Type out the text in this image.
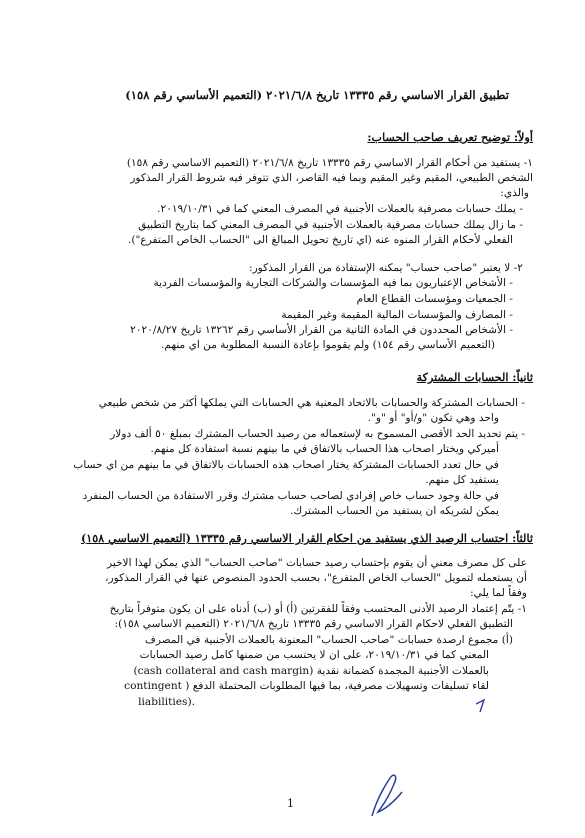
تطبيق القرار الاساسي رقم ١٣٣٣٥ تاريخ ٢٠٢١/٦/٨ (التعميم الأساسي رقم ١٥٨)
أولاً: توضيح تعريف صاحب الحساب:
١- يستفيد من أحكام القرار الاساسي رقم ١٣٣٣٥ تاريخ ٢٠٢١/٦/٨ (التعميم الاساسي رقم ١٥٨)
الشخص الطبيعي، المقيم وغير المقيم وبما فيه القاصر، الذي تتوفر فيه شروط القرار المذكور
والذي:
- يملك حسابات مصرفية بالعملات الأجنبية في المصرف المعني كما في ٢٠١٩/١٠/٣١.
- ما زال يملك حسابات مصرفية بالعملات الأجنبية في المصرف المعني كما بتاريخ التطبيق
الفعلي لأحكام القرار المنوه عنه (اي تاريخ تحويل المبالغ الى "الحساب الخاص المتفرع").
٢- لا يعتبر "صاحب حساب" يمكنه الإستفادة من القرار المذكور:
- الأشخاص الإعتباريون بما فيه المؤسسات والشركات التجارية والمؤسسات الفردية
- الجمعيات ومؤسسات القطاع العام
- المصارف والمؤسسات المالية المقيمة وغير المقيمة
- الأشخاص المحددون في المادة الثانية من القرار الأساسي رقم ١٣٢٦٢ تاريخ ٢٠٢٠/٨/٢٧
(التعميم الأساسي رقم ١٥٤) ولم يقوموا بإعادة النسبة المطلوبة من اي منهم.
ثانياً: الحسابات المشتركة
- الحسابات المشتركة والحسابات بالاتحاد المعنية هي الحسابات التي يملكها أكثر من شخص طبيعي
واحد وهي تكون "و/أو" أو "و".
- يتم تحديد الحد الأقصى المسموح به لإستعماله من رصيد الحساب المشترك بمبلغ ٥٠ ألف دولار
أميركي ويختار اصحاب هذا الحساب بالاتفاق في ما بينهم نسبة استفادة كل منهم.
في حال تعدد الحسابات المشتركة يختار اصحاب هذه الحسابات بالاتفاق في ما بينهم من اي حساب
يستفيد كل منهم.
في حالة وجود حساب خاص إفرادي لصاحب حساب مشترك وقرر الاستفادة من الحساب المنفرد
يمكن لشريكه ان يستفيد من الحساب المشترك.
ثالثاً: احتساب الرصيد الذي يستفيد من احكام القرار الاساسي رقم ١٣٣٣٥ (التعميم الاساسي ١٥٨)
على كل مصرف معني أن يقوم بإحتساب رصيد حسابات "صاحب الحساب" الذي يمكن لهذا الاخير
أن يستعمله لتمويل "الحساب الخاص المتفرع"، بحسب الحدود المنصوص عنها في القرار المذكور،
وفقاً لما يلي:
١- يتّم إعتماد الرصيد الأدنى المحتسب وفقاً للفقرتين (أ) أو (ب) أدناه على ان يكون متوفراً بتاريخ
التطبيق الفعلي لاحكام القرار الاساسي رقم ١٣٣٣٥ تاريخ ٢٠٢١/٦/٨ (التعميم الاساسي ١٥٨):
(أ) مجموع ارصدة حسابات "صاحب الحساب" المعنونة بالعملات الأجنبية في المصرف
المعني كما في ٢٠١٩/١٠/٣١، على ان لا يحتسب من ضمنها كامل رصيد الحسابات
بالعملات الأجنبية المجمدة كضمانة نقدية (cash collateral and cash margin)
لقاء تسليفات وتسهيلات مصرفية، بما فيها المطلوبات المحتملة الدفع ( contingent
liabilities).
1
